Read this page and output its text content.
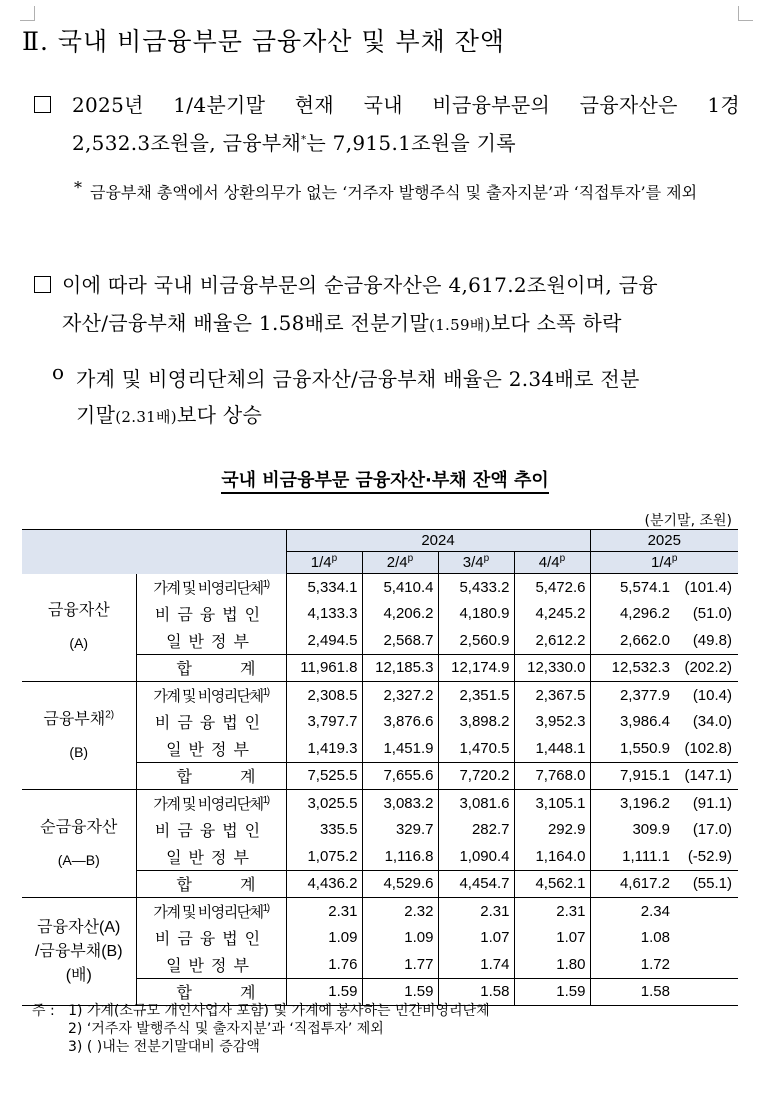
Ⅱ. 국내 비금융부문 금융자산 및 부채 잔액
2025년 1/4분기말 현재 국내 비금융부문의 금융자산은 1경
2,532.3조원을, 금융부채*는 7,915.1조원을 기록
* 금융부채 총액에서 상환의무가 없는 ‘거주자 발행주식 및 출자지분’과 ‘직접투자’를 제외
이에 따라 국내 비금융부문의 순금융자산은 4,617.2조원이며, 금융
자산/금융부채 배율은 1.58배로 전분기말(1.59배)보다 소폭 하락
o 가계 및 비영리단체의 금융자산/금융부채 배율은 2.34배로 전분
기말(2.31배)보다 상승
국내 비금융부문 금융자산·부채 잔액 추이
(분기말, 조원)
		2024				2025	
		1/4$^p$	2/4$^p$	3/4$^p$	4/4$^p$	1/4$^p$

금융자산
(A)	가계 및 비영리단체$^{1)}$	5,334.1	5,410.4	5,433.2	5,472.6	5,574.1	(101.4)
	비금융법인	4,133.3	4,206.2	4,180.9	4,245.2	4,296.2	(51.0)
	일반정부	2,494.5	2,568.7	2,560.9	2,612.2	2,662.0	(49.8)
	합계	11,961.8	12,185.3	12,174.9	12,330.0	12,532.3	(202.2)

금융부채$^{2)}$
(B)	가계 및 비영리단체$^{1)}$	2,308.5	2,327.2	2,351.5	2,367.5	2,377.9	(10.4)
	비금융법인	3,797.7	3,876.6	3,898.2	3,952.3	3,986.4	(34.0)
	일반정부	1,419.3	1,451.9	1,470.5	1,448.1	1,550.9	(102.8)
	합계	7,525.5	7,655.6	7,720.2	7,768.0	7,915.1	(147.1)

순금융자산
(A—B)	가계 및 비영리단체$^{1)}$	3,025.5	3,083.2	3,081.6	3,105.1	3,196.2	(91.1)
	비금융법인	335.5	329.7	282.7	292.9	309.9	(17.0)
	일반정부	1,075.2	1,116.8	1,090.4	1,164.0	1,111.1	(-52.9)
	합계	4,436.2	4,529.6	4,454.7	4,562.1	4,617.2	(55.1)

금융자산(A)
/금융부채(B)
(배)	가계 및 비영리단체$^{1)}$	2.31	2.32	2.31	2.31	2.34	
	비금융법인	1.09	1.09	1.07	1.07	1.08	
	일반정부	1.76	1.77	1.74	1.80	1.72	
	합계	1.59	1.59	1.58	1.59	1.58	
주 : 1) 가계(소규모 개인사업자 포함) 및 가계에 봉사하는 민간비영리단체
2) ‘거주자 발행주식 및 출자지분’과 ‘직접투자’ 제외
3) ( )내는 전분기말대비 증감액
